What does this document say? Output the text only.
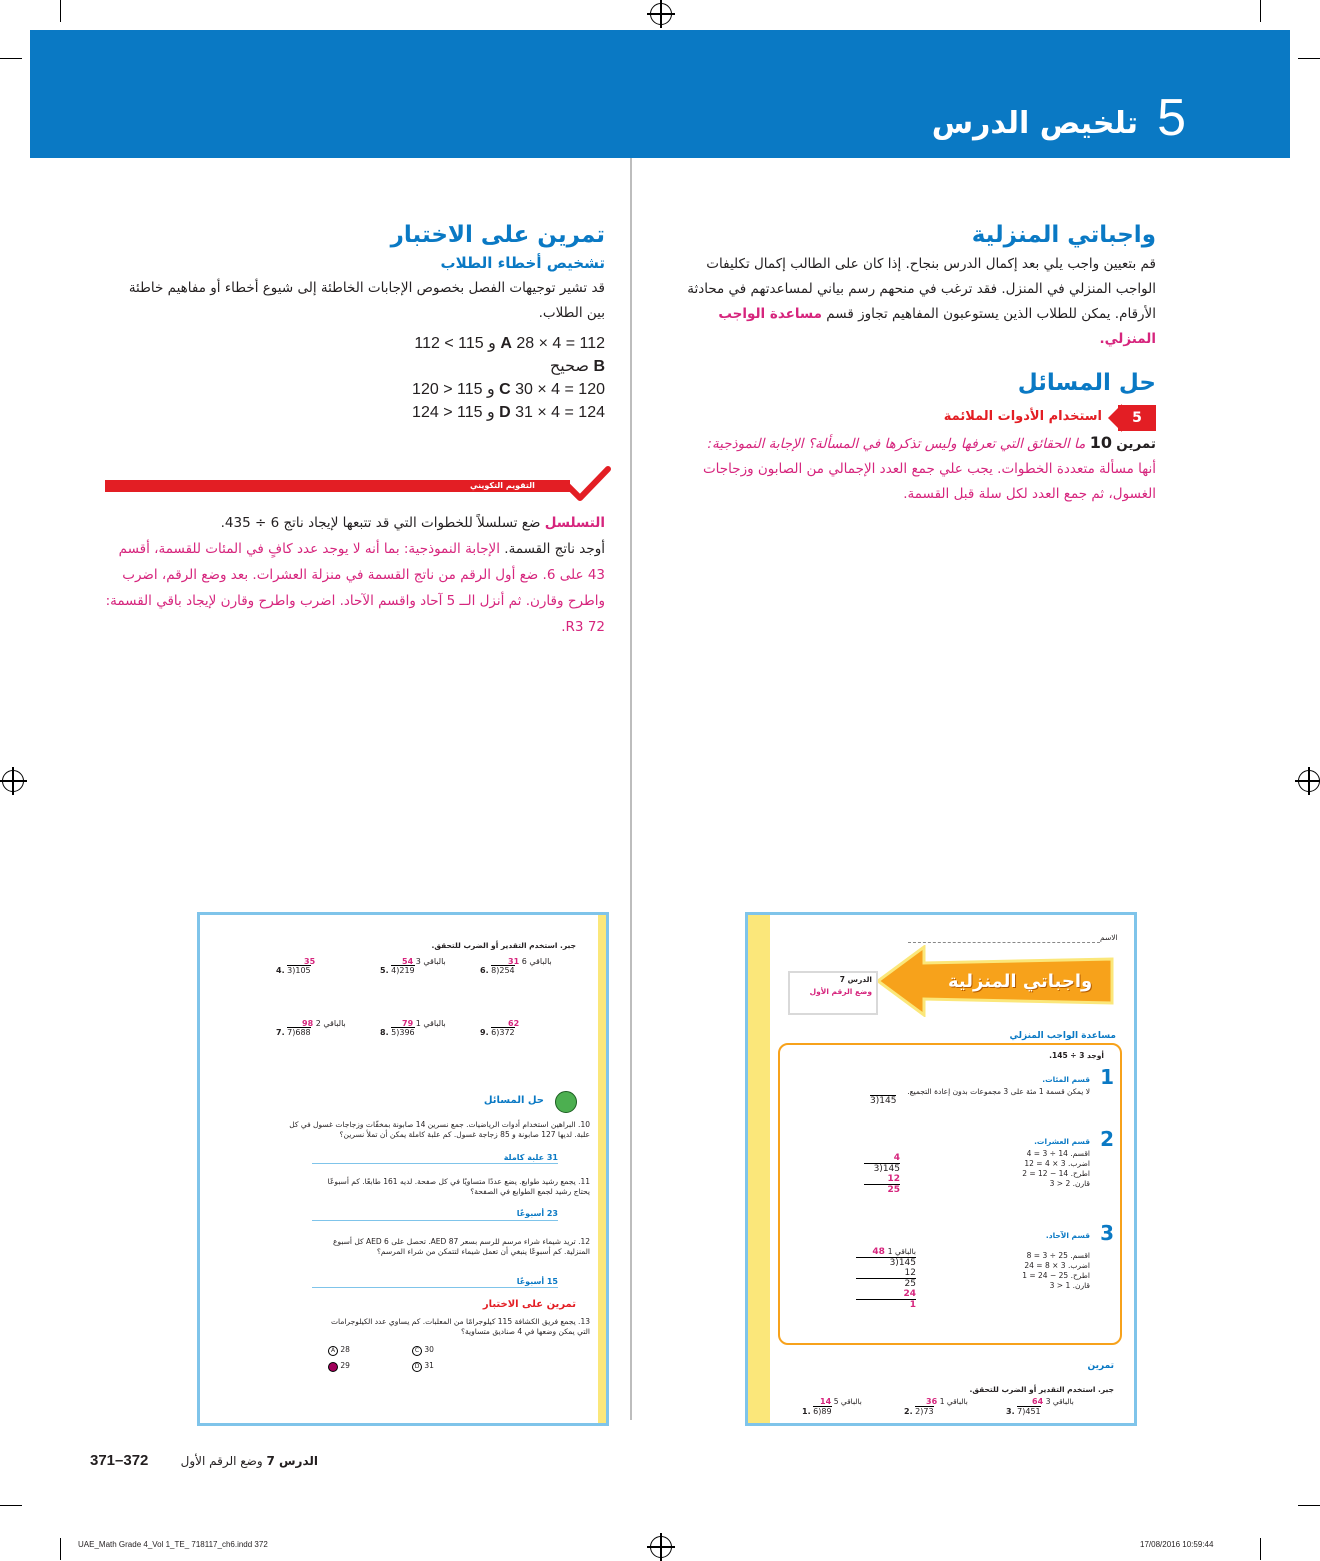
5
تلخيص الدرس
واجباتي المنزلية
قم بتعيين واجب يلي بعد إكمال الدرس بنجاح. إذا كان على الطالب إكمال تكليفات
الواجب المنزلي في المنزل. فقد ترغب في منحهم رسم بياني لمساعدتهم في محادثة
الأرقام. يمكن للطلاب الذين يستوعبون المفاهيم تجاوز قسم مساعدة الواجب المنزلي.
حل المسائل
5
استخدام الأدوات الملائمة
تمرين 10 ما الحقائق التي تعرفها وليس تذكرها في المسألة؟ الإجابة النموذجية:
أنها مسألة متعددة الخطوات. يجب علي جمع العدد الإجمالي من الصابون وزجاجات
الغسول، ثم جمع العدد لكل سلة قبل القسمة.
تمرين على الاختبار
تشخيص أخطاء الطلاب
قد تشير توجيهات الفصل بخصوص الإجابات الخاطئة إلى شيوع أخطاء أو مفاهيم خاطئة
بين الطلاب.
A 28 × 4 = 112 و 115 > 112
B صحيح
C 30 × 4 = 120 و 115 < 120
D 31 × 4 = 124 و 115 < 124
التقويم التكويني
التسلسل ضع تسلسلاً للخطوات التي قد تتبعها لإيجاد ناتج 6 ÷ 435.
أوجد ناتج القسمة. الإجابة النموذجية: بما أنه لا يوجد عدد كافٍ في المئات للقسمة، أقسم
43 على 6. ضع أول الرقم من ناتج القسمة في منزلة العشرات. بعد وضع الرقم، اضرب
واطرح وقارن. ثم أنزل الــ 5 آحاد واقسم الآحاد. اضرب واطرح وقارن لإيجاد باقي القسمة:
72 R3.
جبر. استخدم التقدير أو الضرب للتحقق.
31 6 بالباقي
6. 8)254
54 3 بالباقي
5. 4)219
35
4. 3)105
62
9. 6)372
79 1 بالباقي
8. 5)396
98 2 بالباقي
7. 7)688
حل المسائل
10. البراهين استخدام أدوات الرياضيات. جمع نسرين 14 صابونة بمخفّات وزجاجات غسول في كل
علبة. لديها 127 صابونة و 85 زجاجة غسول. كم علبة كاملة يمكن أن تملأ نسرين؟
31 علبة كاملة
11. يجمع رشيد طوابع. يضع عددًا متساويًا في كل صفحة. لديه 161 طابعًا. كم أسبوعًا
يحتاج رشيد لجمع الطوابع في الصفحة؟
23 أسبوعًا
12. تريد شيماء شراء مرسم للرسم بسعر AED 87. تحصل على AED 6 كل أسبوع
المنزلية. كم أسبوعًا ينبغي أن تعمل شيماء لتتمكن من شراء المرسم؟
15 أسبوعًا
تمرين على الاختبار
13. يجمع فريق الكشافة 115 كيلوجرامًا من المعلبات. كم يساوي عدد الكيلوجرامات
التي يمكن وضعها في 4 صناديق متساوية؟
A 28	C 30
B 29	D 31
الاسم
واجباتي المنزلية
الدرس 7
وضع الرقم الأول
مساعدة الواجب المنزلي
أوجد 3 ÷ 145.
1
قسم المئات.
لا يمكن قسمة 1 مئة على 3 مجموعات بدون إعادة التجميع.
3)145
2
قسم العشرات.
اقسم. 14 ÷ 3 = 4
اضرب. 3 × 4 = 12
اطرح. 14 − 12 = 2
قارن. 2 < 3
4
3)145
12
25
3
قسم الآحاد.
اقسم. 25 ÷ 3 = 8
اضرب. 3 × 8 = 24
اطرح. 25 − 24 = 1
قارن. 1 < 3
48 1 بالباقي
3)145
12
25
24
1
تمرين
جبر. استخدم التقدير أو الضرب للتحقق.
64 3 بالباقي
3. 7)451
36 1 بالباقي
2. 2)73
14 5 بالباقي
1. 6)89
371–372	الدرس 7 وضع الرقم الأول
UAE_Math Grade 4_Vol 1_TE_ 718117_ch6.indd 372	17/08/2016 10:59:44
